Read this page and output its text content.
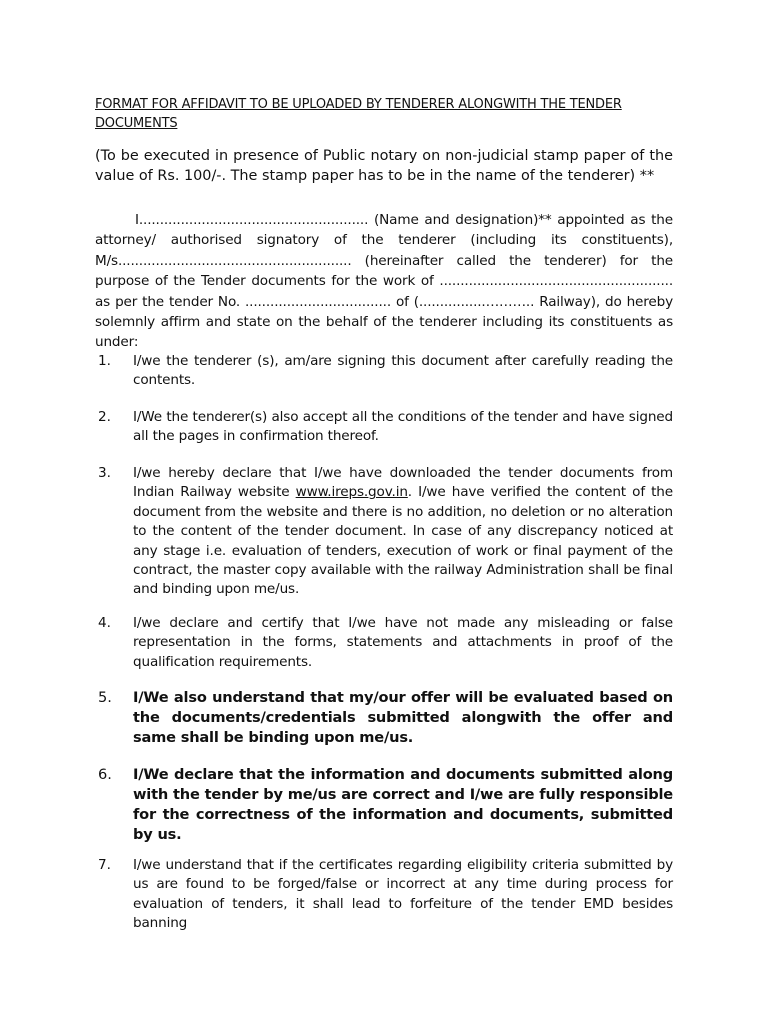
FORMAT FOR AFFIDAVIT TO BE UPLOADED BY TENDERER ALONGWITH THE TENDER DOCUMENTS
(To be executed in presence of Public notary on non-judicial stamp paper of the value of Rs. 100/-. The stamp paper has to be in the name of the tenderer) **
I....................................................... (Name and designation)** appointed as the attorney/ authorised signatory of the tenderer (including its constituents), M/s........................................................ (hereinafter called the tenderer) for the purpose of the Tender documents for the work of ........................................................ as per the tender No. ................................... of (................……….. Railway), do hereby solemnly affirm and state on the behalf of the tenderer including its constituents as under:
1.	I/we the tenderer (s), am/are signing this document after carefully reading the contents.
2.	I/We the tenderer(s) also accept all the conditions of the tender and have signed all the pages in confirmation thereof.
3.	I/we hereby declare that I/we have downloaded the tender documents from Indian Railway website www.ireps.gov.in. I/we have verified the content of the document from the website and there is no addition, no deletion or no alteration to the content of the tender document. In case of any discrepancy noticed at any stage i.e. evaluation of tenders, execution of work or final payment of the contract, the master copy available with the railway Administration shall be final and binding upon me/us.
4.	I/we declare and certify that I/we have not made any misleading or false representation in the forms, statements and attachments in proof of the qualification requirements.
5.	I/We also understand that my/our offer will be evaluated based on the documents/credentials submitted alongwith the offer and same shall be binding upon me/us.
6.	I/We declare that the information and documents submitted along with the tender by me/us are correct and I/we are fully responsible for the correctness of the information and documents, submitted by us.
7.	I/we understand that if the certificates regarding eligibility criteria submitted by us are found to be forged/false or incorrect at any time during process for evaluation of tenders, it shall lead to forfeiture of the tender EMD besides banning
